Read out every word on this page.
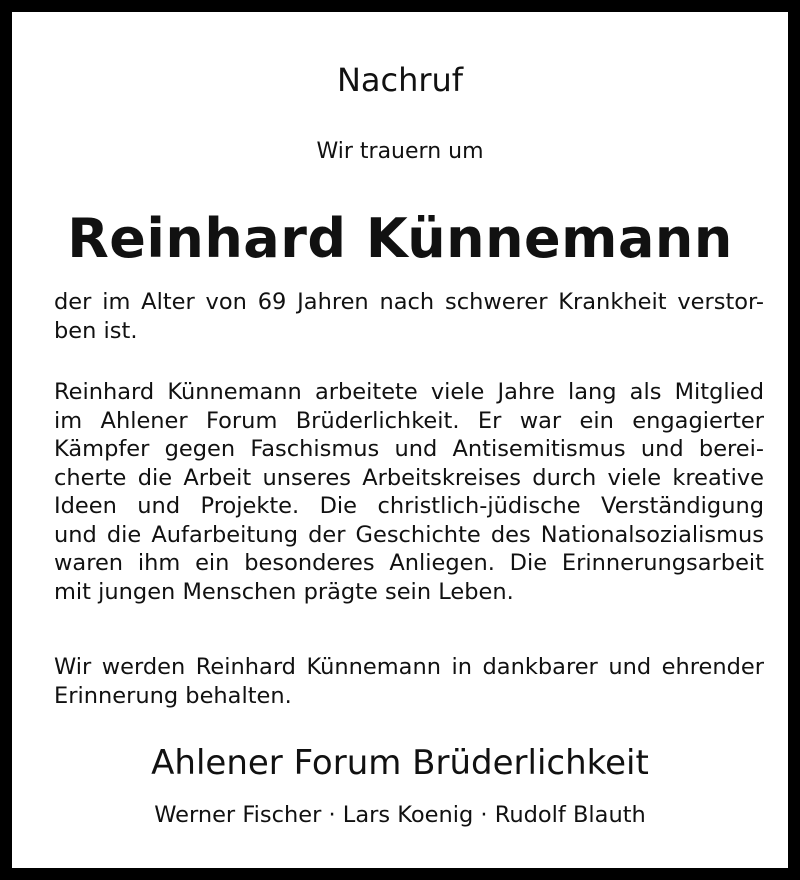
Nachruf
Wir trauern um
Reinhard Künnemann
der im Alter von 69 Jahren nach schwerer Krankheit verstor-
ben ist.
Reinhard Künnemann arbeitete viele Jahre lang als Mitglied
im Ahlener Forum Brüderlichkeit. Er war ein engagierter
Kämpfer gegen Faschismus und Antisemitismus und berei-
cherte die Arbeit unseres Arbeitskreises durch viele kreative
Ideen und Projekte. Die christlich-jüdische Verständigung
und die Aufarbeitung der Geschichte des Nationalsozialismus
waren ihm ein besonderes Anliegen. Die Erinnerungsarbeit
mit jungen Menschen prägte sein Leben.
Wir werden Reinhard Künnemann in dankbarer und ehrender
Erinnerung behalten.
Ahlener Forum Brüderlichkeit
Werner Fischer · Lars Koenig · Rudolf Blauth
